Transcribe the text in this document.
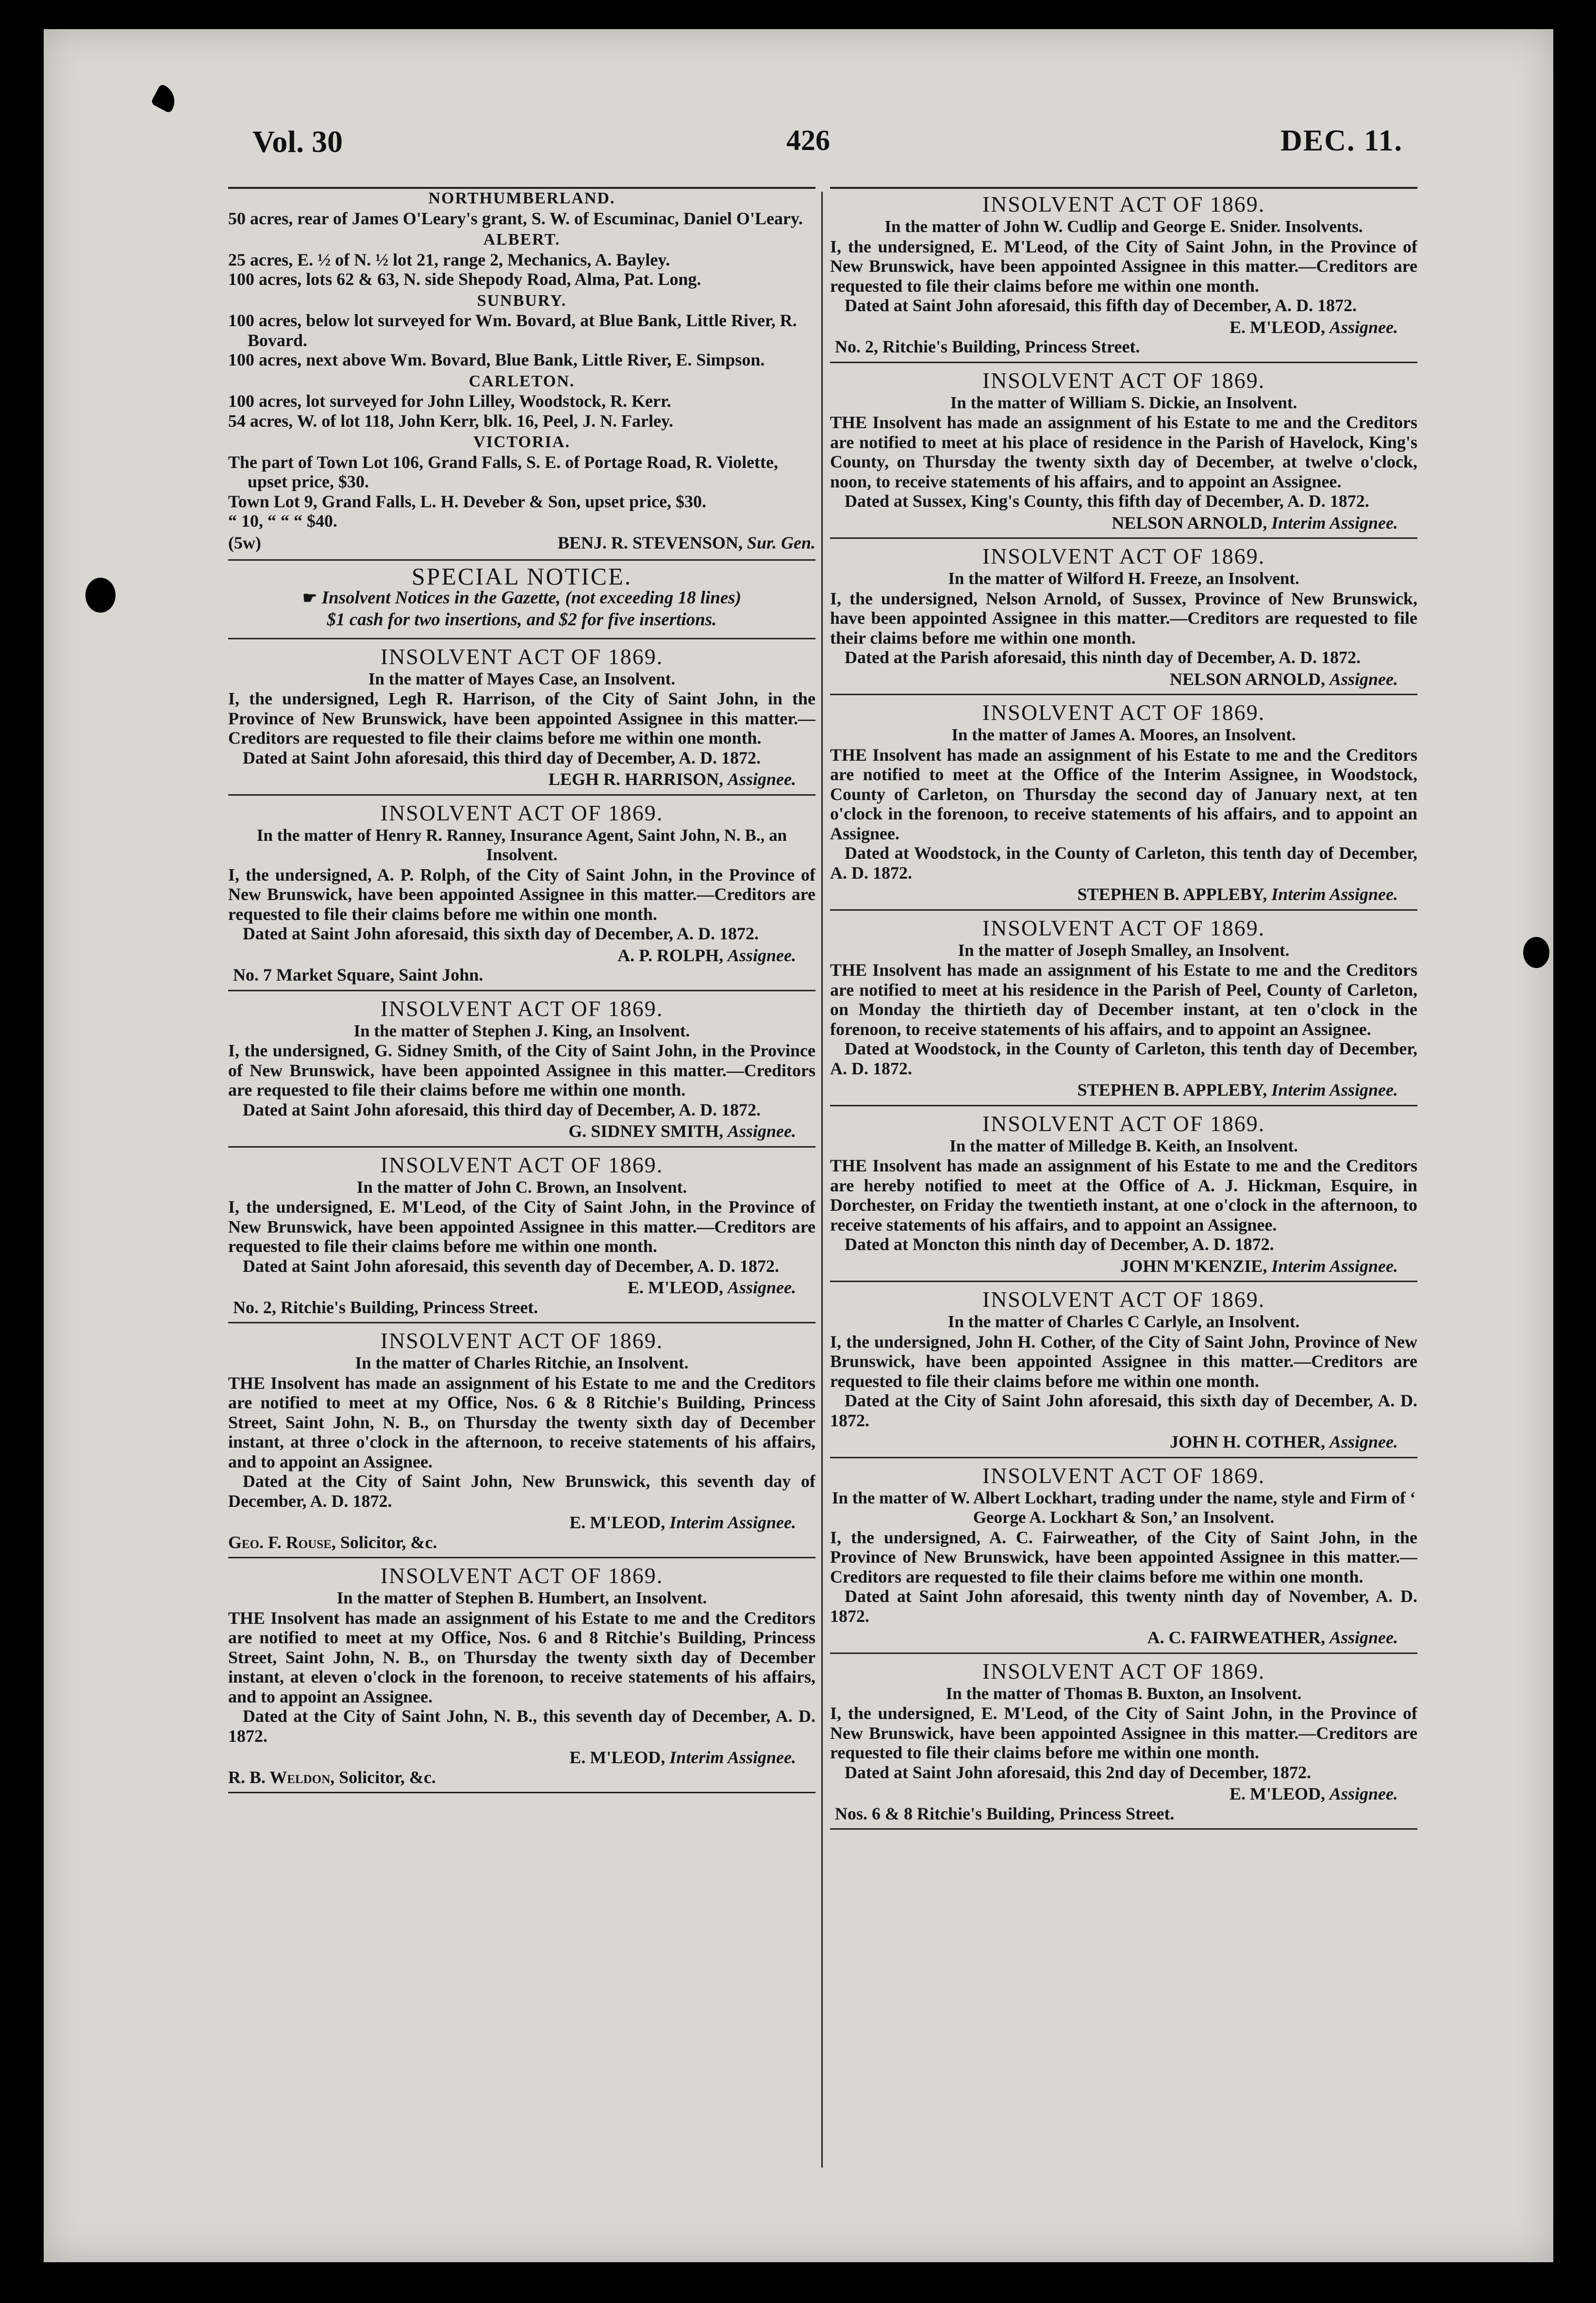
Vol. 30	426	DEC. 11.
NORTHUMBERLAND.
50 acres, rear of James O'Leary's grant, S. W. of Escuminac, Daniel O'Leary.
ALBERT.
25 acres, E. ½ of N. ½ lot 21, range 2, Mechanics, A. Bayley.
100 acres, lots 62 & 63, N. side Shepody Road, Alma, Pat. Long.
SUNBURY.
100 acres, below lot surveyed for Wm. Bovard, at Blue Bank, Little River, R. Bovard.
100 acres, next above Wm. Bovard, Blue Bank, Little River, E. Simpson.
CARLETON.
100 acres, lot surveyed for John Lilley, Woodstock, R. Kerr.
54 acres, W. of lot 118, John Kerr, blk. 16, Peel, J. N. Farley.
VICTORIA.
The part of Town Lot 106, Grand Falls, S. E. of Portage Road, R. Violette, upset price, $30.
Town Lot 9, Grand Falls, L. H. Deveber & Son, upset price, $30.
“ 10, “ “ “ $40.
(5w)	BENJ. R. STEVENSON, Sur. Gen.
SPECIAL NOTICE.

☛ Insolvent Notices in the Gazette, (not exceeding 18 lines)

$1 cash for two insertions, and $2 for five insertions.

INSOLVENT ACT OF 1869.
In the matter of Mayes Case, an Insolvent.
I, the undersigned, Legh R. Harrison, of the City of Saint John, in the Province of New Brunswick, have been appointed Assignee in this matter.—Creditors are requested to file their claims before me within one month.
Dated at Saint John aforesaid, this third day of December, A. D. 1872.
LEGH R. HARRISON, Assignee.
INSOLVENT ACT OF 1869.
In the matter of Henry R. Ranney, Insurance Agent, Saint John, N. B., an Insolvent.
I, the undersigned, A. P. Rolph, of the City of Saint John, in the Province of New Brunswick, have been appointed Assignee in this matter.—Creditors are requested to file their claims before me within one month.
Dated at Saint John aforesaid, this sixth day of December, A. D. 1872.
A. P. ROLPH, Assignee.
No. 7 Market Square, Saint John.
INSOLVENT ACT OF 1869.
In the matter of Stephen J. King, an Insolvent.
I, the undersigned, G. Sidney Smith, of the City of Saint John, in the Province of New Brunswick, have been appointed Assignee in this matter.—Creditors are requested to file their claims before me within one month.
Dated at Saint John aforesaid, this third day of December, A. D. 1872.
G. SIDNEY SMITH, Assignee.
INSOLVENT ACT OF 1869.
In the matter of John C. Brown, an Insolvent.
I, the undersigned, E. M'Leod, of the City of Saint John, in the Province of New Brunswick, have been appointed Assignee in this matter.—Creditors are requested to file their claims before me within one month.
Dated at Saint John aforesaid, this seventh day of December, A. D. 1872.
E. M'LEOD, Assignee.
No. 2, Ritchie's Building, Princess Street.
INSOLVENT ACT OF 1869.
In the matter of Charles Ritchie, an Insolvent.
THE Insolvent has made an assignment of his Estate to me and the Creditors are notified to meet at my Office, Nos. 6 & 8 Ritchie's Building, Princess Street, Saint John, N. B., on Thursday the twenty sixth day of December instant, at three o'clock in the afternoon, to receive statements of his affairs, and to appoint an Assignee.
Dated at the City of Saint John, New Brunswick, this seventh day of December, A. D. 1872.
E. M'LEOD, Interim Assignee.
Geo. F. Rouse, Solicitor, &c.
INSOLVENT ACT OF 1869.
In the matter of Stephen B. Humbert, an Insolvent.
THE Insolvent has made an assignment of his Estate to me and the Creditors are notified to meet at my Office, Nos. 6 and 8 Ritchie's Building, Princess Street, Saint John, N. B., on Thursday the twenty sixth day of December instant, at eleven o'clock in the forenoon, to receive statements of his affairs, and to appoint an Assignee.
Dated at the City of Saint John, N. B., this seventh day of December, A. D. 1872.
E. M'LEOD, Interim Assignee.
R. B. Weldon, Solicitor, &c.
INSOLVENT ACT OF 1869.
In the matter of John W. Cudlip and George E. Snider. Insolvents.
I, the undersigned, E. M'Leod, of the City of Saint John, in the Province of New Brunswick, have been appointed Assignee in this matter.—Creditors are requested to file their claims before me within one month.
Dated at Saint John aforesaid, this fifth day of December, A. D. 1872.
E. M'LEOD, Assignee.
No. 2, Ritchie's Building, Princess Street.
INSOLVENT ACT OF 1869.
In the matter of William S. Dickie, an Insolvent.
THE Insolvent has made an assignment of his Estate to me and the Creditors are notified to meet at his place of residence in the Parish of Havelock, King's County, on Thursday the twenty sixth day of December, at twelve o'clock, noon, to receive statements of his affairs, and to appoint an Assignee.
Dated at Sussex, King's County, this fifth day of December, A. D. 1872.
NELSON ARNOLD, Interim Assignee.
INSOLVENT ACT OF 1869.
In the matter of Wilford H. Freeze, an Insolvent.
I, the undersigned, Nelson Arnold, of Sussex, Province of New Brunswick, have been appointed Assignee in this matter.—Creditors are requested to file their claims before me within one month.
Dated at the Parish aforesaid, this ninth day of December, A. D. 1872.
NELSON ARNOLD, Assignee.
INSOLVENT ACT OF 1869.
In the matter of James A. Moores, an Insolvent.
THE Insolvent has made an assignment of his Estate to me and the Creditors are notified to meet at the Office of the Interim Assignee, in Woodstock, County of Carleton, on Thursday the second day of January next, at ten o'clock in the forenoon, to receive statements of his affairs, and to appoint an Assignee.
Dated at Woodstock, in the County of Carleton, this tenth day of December, A. D. 1872.
STEPHEN B. APPLEBY, Interim Assignee.
INSOLVENT ACT OF 1869.
In the matter of Joseph Smalley, an Insolvent.
THE Insolvent has made an assignment of his Estate to me and the Creditors are notified to meet at his residence in the Parish of Peel, County of Carleton, on Monday the thirtieth day of December instant, at ten o'clock in the forenoon, to receive statements of his affairs, and to appoint an Assignee.
Dated at Woodstock, in the County of Carleton, this tenth day of December, A. D. 1872.
STEPHEN B. APPLEBY, Interim Assignee.
INSOLVENT ACT OF 1869.
In the matter of Milledge B. Keith, an Insolvent.
THE Insolvent has made an assignment of his Estate to me and the Creditors are hereby notified to meet at the Office of A. J. Hickman, Esquire, in Dorchester, on Friday the twentieth instant, at one o'clock in the afternoon, to receive statements of his affairs, and to appoint an Assignee.
Dated at Moncton this ninth day of December, A. D. 1872.
JOHN M'KENZIE, Interim Assignee.
INSOLVENT ACT OF 1869.
In the matter of Charles C Carlyle, an Insolvent.
I, the undersigned, John H. Cother, of the City of Saint John, Province of New Brunswick, have been appointed Assignee in this matter.—Creditors are requested to file their claims before me within one month.
Dated at the City of Saint John aforesaid, this sixth day of December, A. D. 1872.
JOHN H. COTHER, Assignee.
INSOLVENT ACT OF 1869.
In the matter of W. Albert Lockhart, trading under the name, style and Firm of ‘ George A. Lockhart & Son,’ an Insolvent.
I, the undersigned, A. C. Fairweather, of the City of Saint John, in the Province of New Brunswick, have been appointed Assignee in this matter.—Creditors are requested to file their claims before me within one month.
Dated at Saint John aforesaid, this twenty ninth day of November, A. D. 1872.
A. C. FAIRWEATHER, Assignee.
INSOLVENT ACT OF 1869.
In the matter of Thomas B. Buxton, an Insolvent.
I, the undersigned, E. M'Leod, of the City of Saint John, in the Province of New Brunswick, have been appointed Assignee in this matter.—Creditors are requested to file their claims before me within one month.
Dated at Saint John aforesaid, this 2nd day of December, 1872.
E. M'LEOD, Assignee.
Nos. 6 & 8 Ritchie's Building, Princess Street.
